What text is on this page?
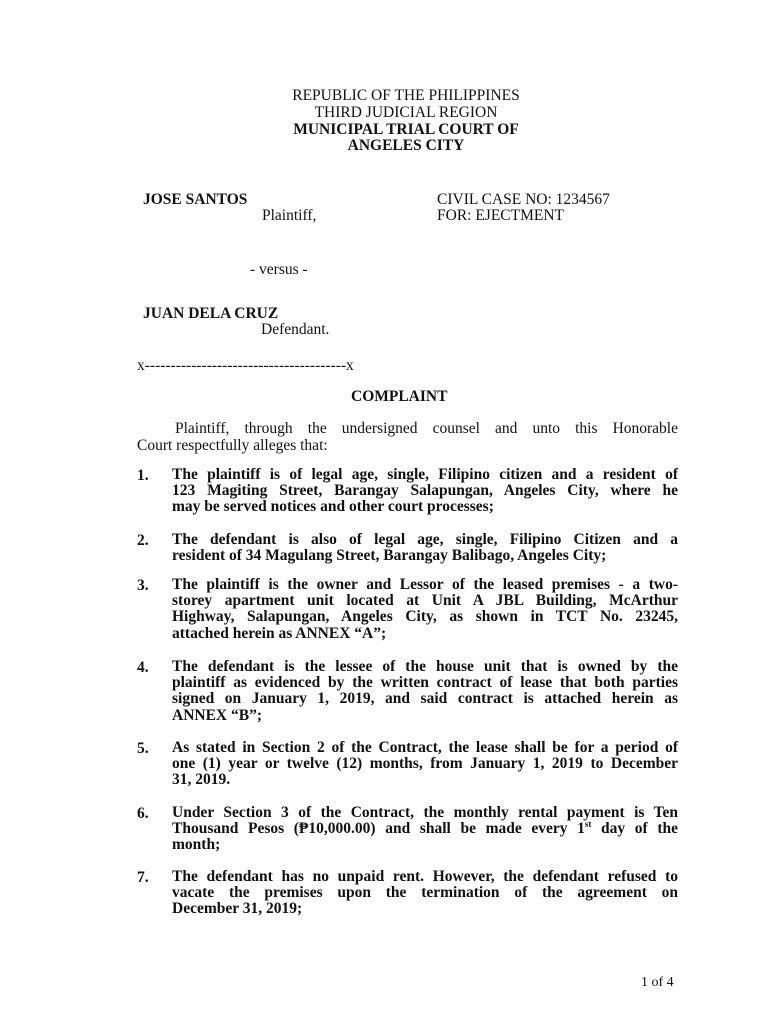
REPUBLIC OF THE PHILIPPINES
THIRD JUDICIAL REGION
MUNICIPAL TRIAL COURT OF
ANGELES CITY
JOSE SANTOS
Plaintiff,
CIVIL CASE NO: 1234567
FOR: EJECTMENT
- versus -
JUAN DELA CRUZ
Defendant.
x---------------------------------------x
COMPLAINT
Plaintiff, through the undersigned counsel and unto this Honorable
Court respectfully alleges that:
1. The plaintiff is of legal age, single, Filipino citizen and a resident of
123 Magiting Street, Barangay Salapungan, Angeles City, where he
may be served notices and other court processes;
2. The defendant is also of legal age, single, Filipino Citizen and a
resident of 34 Magulang Street, Barangay Balibago, Angeles City;
3. The plaintiff is the owner and Lessor of the leased premises - a two-
storey apartment unit located at Unit A JBL Building, McArthur
Highway, Salapungan, Angeles City, as shown in TCT No. 23245,
attached herein as ANNEX “A”;
4. The defendant is the lessee of the house unit that is owned by the
plaintiff as evidenced by the written contract of lease that both parties
signed on January 1, 2019, and said contract is attached herein as
ANNEX “B”;
5. As stated in Section 2 of the Contract, the lease shall be for a period of
one (1) year or twelve (12) months, from January 1, 2019 to December
31, 2019.
6. Under Section 3 of the Contract, the monthly rental payment is Ten
Thousand Pesos (₱10,000.00) and shall be made every 1st day of the
month;
7. The defendant has no unpaid rent. However, the defendant refused to
vacate the premises upon the termination of the agreement on
December 31, 2019;
1 of 4
